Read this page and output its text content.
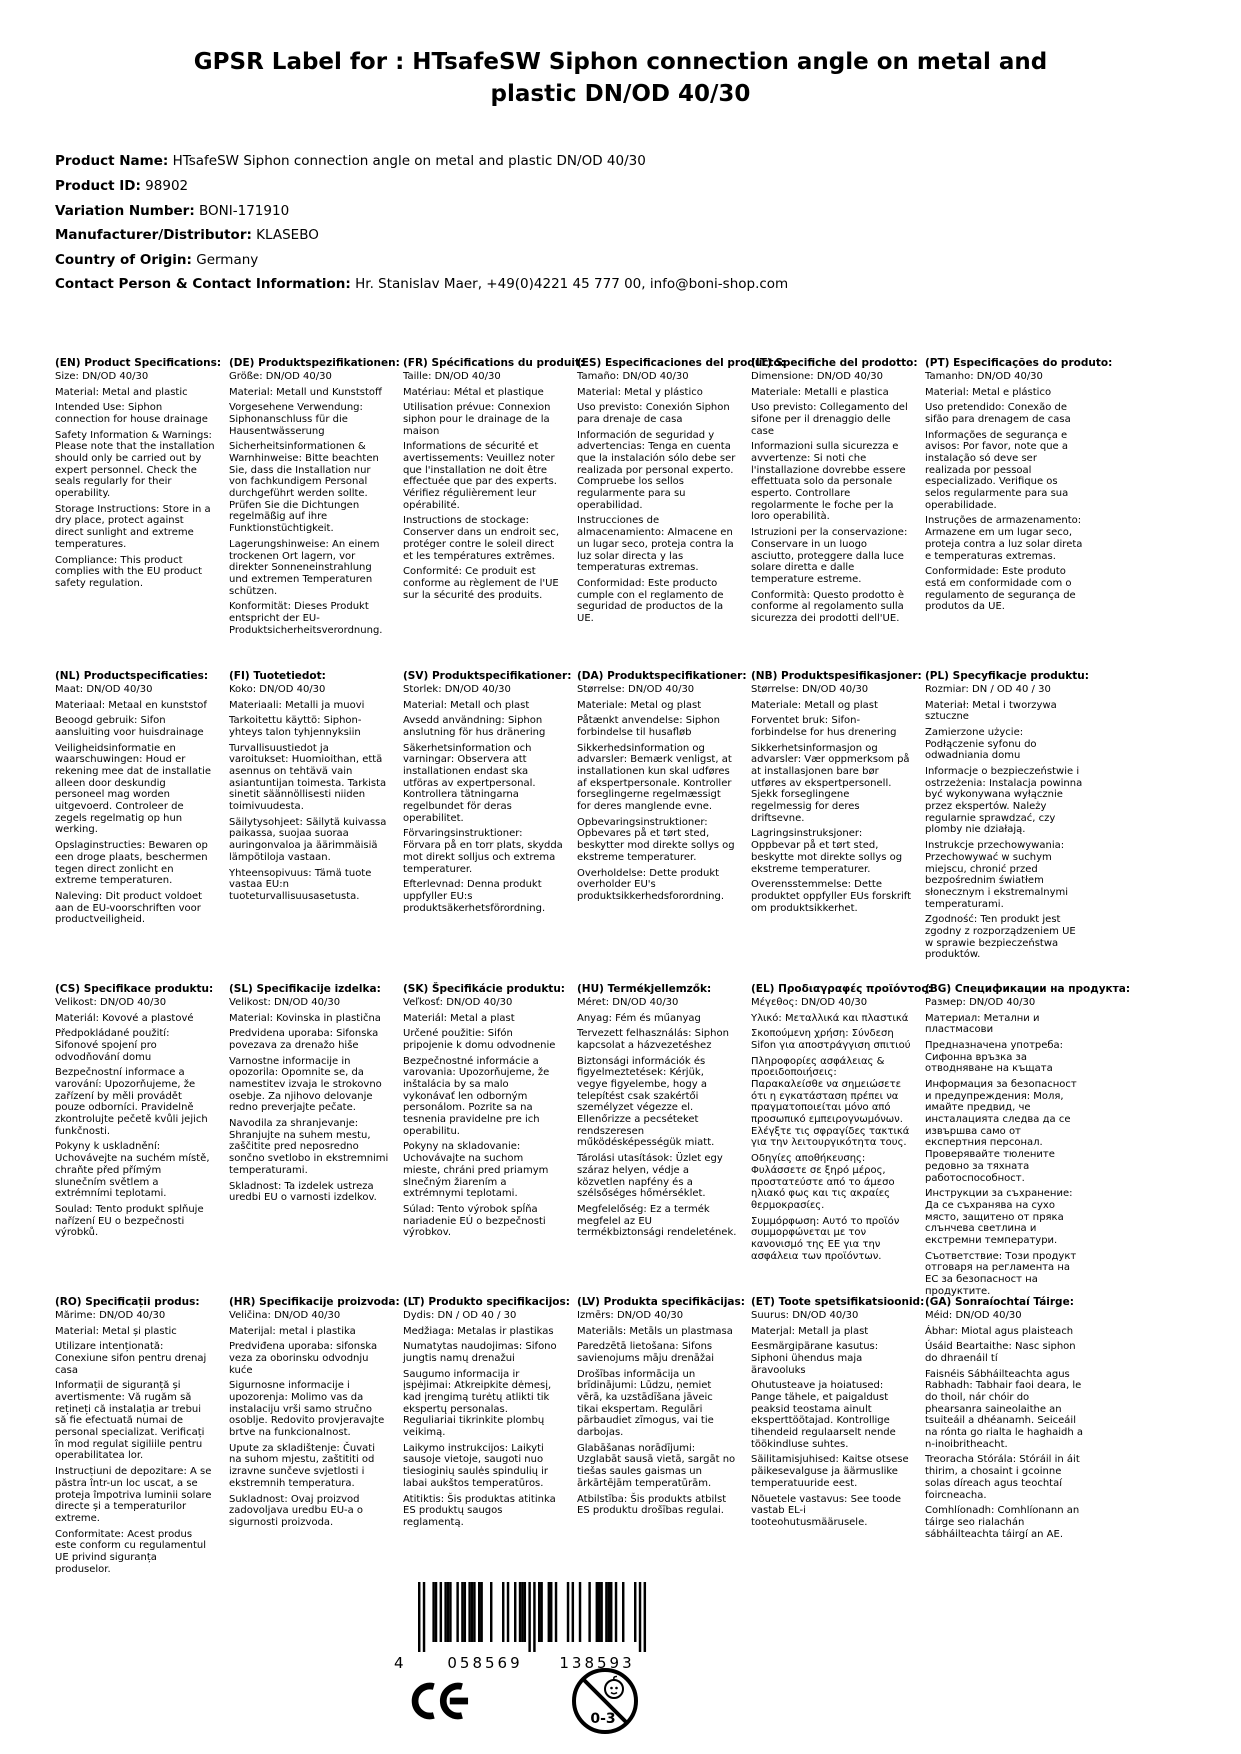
GPSR Label for : HTsafeSW Siphon connection angle on metal and plastic DN/OD 40/30

Product Name: HTsafeSW Siphon connection angle on metal and plastic DN/OD 40/30

Product ID: 98902

Variation Number: BONI-171910

Manufacturer/Distributor: KLASEBO

Country of Origin: Germany

Contact Person & Contact Information: Hr. Stanislav Maer, +49(0)4221 45 777 00, info@boni-shop.com

(EN) Product Specifications:

Size: DN/OD 40/30

Material: Metal and plastic

Intended Use: Siphon connection for house drainage

Safety Information & Warnings: Please note that the installation should only be carried out by expert personnel. Check the seals regularly for their operability.

Storage Instructions: Store in a dry place, protect against direct sunlight and extreme temperatures.

Compliance: This product complies with the EU product safety regulation.

(DE) Produktspezifikationen:

Größe: DN/OD 40/30

Material: Metall und Kunststoff

Vorgesehene Verwendung: Siphonanschluss für die Hausentwässerung

Sicherheitsinformationen & Warnhinweise: Bitte beachten Sie, dass die Installation nur von fachkundigem Personal durchgeführt werden sollte. Prüfen Sie die Dichtungen regelmäßig auf ihre Funktionstüchtigkeit.

Lagerungshinweise: An einem trockenen Ort lagern, vor direkter Sonneneinstrahlung und extremen Temperaturen schützen.

Konformität: Dieses Produkt entspricht der EU-Produktsicherheitsverordnung.

(FR) Spécifications du produit:

Taille: DN/OD 40/30

Matériau: Métal et plastique

Utilisation prévue: Connexion siphon pour le drainage de la maison

Informations de sécurité et avertissements: Veuillez noter que l'installation ne doit être effectuée que par des experts. Vérifiez régulièrement leur opérabilité.

Instructions de stockage: Conserver dans un endroit sec, protéger contre le soleil direct et les températures extrêmes.

Conformité: Ce produit est conforme au règlement de l'UE sur la sécurité des produits.

(ES) Especificaciones del producto:

Tamaño: DN/OD 40/30

Material: Metal y plástico

Uso previsto: Conexión Siphon para drenaje de casa

Información de seguridad y advertencias: Tenga en cuenta que la instalación sólo debe ser realizada por personal experto. Compruebe los sellos regularmente para su operabilidad.

Instrucciones de almacenamiento: Almacene en un lugar seco, proteja contra la luz solar directa y las temperaturas extremas.

Conformidad: Este producto cumple con el reglamento de seguridad de productos de la UE.

(IT) Specifiche del prodotto:

Dimensione: DN/OD 40/30

Materiale: Metalli e plastica

Uso previsto: Collegamento del sifone per il drenaggio delle case

Informazioni sulla sicurezza e avvertenze: Si noti che l'installazione dovrebbe essere effettuata solo da personale esperto. Controllare regolarmente le foche per la loro operabilità.

Istruzioni per la conservazione: Conservare in un luogo asciutto, proteggere dalla luce solare diretta e dalle temperature estreme.

Conformità: Questo prodotto è conforme al regolamento sulla sicurezza dei prodotti dell'UE.

(PT) Especificações do produto:

Tamanho: DN/OD 40/30

Material: Metal e plástico

Uso pretendido: Conexão de sifão para drenagem de casa

Informações de segurança e avisos: Por favor, note que a instalação só deve ser realizada por pessoal especializado. Verifique os selos regularmente para sua operabilidade.

Instruções de armazenamento: Armazene em um lugar seco, proteja contra a luz solar direta e temperaturas extremas.

Conformidade: Este produto está em conformidade com o regulamento de segurança de produtos da UE.

(NL) Productspecificaties:

Maat: DN/OD 40/30

Materiaal: Metaal en kunststof

Beoogd gebruik: Sifon aansluiting voor huisdrainage

Veiligheidsinformatie en waarschuwingen: Houd er rekening mee dat de installatie alleen door deskundig personeel mag worden uitgevoerd. Controleer de zegels regelmatig op hun werking.

Opslaginstructies: Bewaren op een droge plaats, beschermen tegen direct zonlicht en extreme temperaturen.

Naleving: Dit product voldoet aan de EU-voorschriften voor productveiligheid.

(FI) Tuotetiedot:

Koko: DN/OD 40/30

Materiaali: Metalli ja muovi

Tarkoitettu käyttö: Siphon-yhteys talon tyhjennyksiin

Turvallisuustiedot ja varoitukset: Huomioithan, että asennus on tehtävä vain asiantuntijan toimesta. Tarkista sinetit säännöllisesti niiden toimivuudesta.

Säilytysohjeet: Säilytä kuivassa paikassa, suojaa suoraa auringonvaloa ja äärimmäisiä lämpötiloja vastaan.

Yhteensopivuus: Tämä tuote vastaa EU:n tuoteturvallisuusasetusta.

(SV) Produktspecifikationer:

Storlek: DN/OD 40/30

Material: Metall och plast

Avsedd användning: Siphon anslutning för hus dränering

Säkerhetsinformation och varningar: Observera att installationen endast ska utföras av expertpersonal. Kontrollera tätningarna regelbundet för deras operabilitet.

Förvaringsinstruktioner: Förvara på en torr plats, skydda mot direkt solljus och extrema temperaturer.

Efterlevnad: Denna produkt uppfyller EU:s produktsäkerhetsförordning.

(DA) Produktspecifikationer:

Størrelse: DN/OD 40/30

Materiale: Metal og plast

Påtænkt anvendelse: Siphon forbindelse til husafløb

Sikkerhedsinformation og advarsler: Bemærk venligst, at installationen kun skal udføres af ekspertpersonale. Kontroller forseglingerne regelmæssigt for deres manglende evne.

Opbevaringsinstruktioner: Opbevares på et tørt sted, beskytter mod direkte sollys og ekstreme temperaturer.

Overholdelse: Dette produkt overholder EU's produktsikkerhedsforordning.

(NB) Produktspesifikasjoner:

Størrelse: DN/OD 40/30

Materiale: Metall og plast

Forventet bruk: Sifon-forbindelse for hus drenering

Sikkerhetsinformasjon og advarsler: Vær oppmerksom på at installasjonen bare bør utføres av ekspertpersonell. Sjekk forseglingene regelmessig for deres driftsevne.

Lagringsinstruksjoner: Oppbevar på et tørt sted, beskytte mot direkte sollys og ekstreme temperaturer.

Overensstemmelse: Dette produktet oppfyller EUs forskrift om produktsikkerhet.

(PL) Specyfikacje produktu:

Rozmiar: DN / OD 40 / 30

Materiał: Metal i tworzywa sztuczne

Zamierzone użycie: Podłączenie syfonu do odwadniania domu

Informacje o bezpieczeństwie i ostrzeżenia: Instalacja powinna być wykonywana wyłącznie przez ekspertów. Należy regularnie sprawdzać, czy plomby nie działają.

Instrukcje przechowywania: Przechowywać w suchym miejscu, chronić przed bezpośrednim światłem słonecznym i ekstremalnymi temperaturami.

Zgodność: Ten produkt jest zgodny z rozporządzeniem UE w sprawie bezpieczeństwa produktów.

(CS) Specifikace produktu:

Velikost: DN/OD 40/30

Materiál: Kovové a plastové

Předpokládané použití: Sifonové spojení pro odvodňování domu

Bezpečnostní informace a varování: Upozorňujeme, že zařízení by měli provádět pouze odborníci. Pravidelně zkontrolujte pečetě kvůli jejich funkčnosti.

Pokyny k uskladnění: Uchovávejte na suchém místě, chraňte před přímým slunečním světlem a extrémními teplotami.

Soulad: Tento produkt splňuje nařízení EU o bezpečnosti výrobků.

(SL) Specifikacije izdelka:

Velikost: DN/OD 40/30

Material: Kovinska in plastična

Predvidena uporaba: Sifonska povezava za drenažo hiše

Varnostne informacije in opozorila: Opomnite se, da namestitev izvaja le strokovno osebje. Za njihovo delovanje redno preverjajte pečate.

Navodila za shranjevanje: Shranjujte na suhem mestu, zaščitite pred neposredno sončno svetlobo in ekstremnimi temperaturami.

Skladnost: Ta izdelek ustreza uredbi EU o varnosti izdelkov.

(SK) Špecifikácie produktu:

Veľkosť: DN/OD 40/30

Materiál: Metal a plast

Určené použitie: Sifón pripojenie k domu odvodnenie

Bezpečnostné informácie a varovania: Upozorňujeme, že inštalácia by sa malo vykonávať len odborným personálom. Pozrite sa na tesnenia pravidelne pre ich operabilitu.

Pokyny na skladovanie: Uchovávajte na suchom mieste, chráni pred priamym slnečným žiarením a extrémnymi teplotami.

Súlad: Tento výrobok spĺňa nariadenie EÚ o bezpečnosti výrobkov.

(HU) Termékjellemzők:

Méret: DN/OD 40/30

Anyag: Fém és műanyag

Tervezett felhasználás: Siphon kapcsolat a házvezetéshez

Biztonsági információk és figyelmeztetések: Kérjük, vegye figyelembe, hogy a telepítést csak szakértői személyzet végezze el. Ellenőrizze a pecséteket rendszeresen működésképességük miatt.

Tárolási utasítások: Üzlet egy száraz helyen, védje a közvetlen napfény és a szélsőséges hőmérséklet.

Megfelelőség: Ez a termék megfelel az EU termékbiztonsági rendeletének.

(EL) Προδιαγραφές προϊόντος:

Μέγεθος: DN/OD 40/30

Υλικό: Μεταλλικά και πλαστικά

Σκοπούμενη χρήση: Σύνδεση Sifon για αποστράγγιση σπιτιού

Πληροφορίες ασφάλειας & προειδοποιήσεις: Παρακαλείσθε να σημειώσετε ότι η εγκατάσταση πρέπει να πραγματοποιείται μόνο από προσωπικό εμπειρογνωμόνων. Ελέγξτε τις σφραγίδες τακτικά για την λειτουργικότητα τους.

Οδηγίες αποθήκευσης: Φυλάσσετε σε ξηρό μέρος, προστατεύστε από το άμεσο ηλιακό φως και τις ακραίες θερμοκρασίες.

Συμμόρφωση: Αυτό το προϊόν συμμορφώνεται με τον κανονισμό της ΕΕ για την ασφάλεια των προϊόντων.

(BG) Спецификации на продукта:

Размер: DN/OD 40/30

Материал: Метални и пластмасови

Предназначена употреба: Сифонна връзка за отводняване на къщата

Информация за безопасност и предупреждения: Моля, имайте предвид, че инсталацията следва да се извършва само от експертния персонал. Проверявайте тюлените редовно за тяхната работоспособност.

Инструкции за съхранение: Да се съхранява на сухо място, защитено от пряка слънчева светлина и екстремни температури.

Съответствие: Този продукт отговаря на регламента на ЕС за безопасност на продуктите.

(RO) Specificații produs:

Mărime: DN/OD 40/30

Material: Metal și plastic

Utilizare intenționată: Conexiune sifon pentru drenaj casa

Informații de siguranță și avertismente: Vă rugăm să rețineți că instalația ar trebui să fie efectuată numai de personal specializat. Verificați în mod regulat sigiliile pentru operabilitatea lor.

Instrucțiuni de depozitare: A se păstra într-un loc uscat, a se proteja împotriva luminii solare directe și a temperaturilor extreme.

Conformitate: Acest produs este conform cu regulamentul UE privind siguranța produselor.

(HR) Specifikacije proizvoda:

Veličina: DN/OD 40/30

Materijal: metal i plastika

Predviđena uporaba: sifonska veza za oborinsku odvodnju kuće

Sigurnosne informacije i upozorenja: Molimo vas da instalaciju vrši samo stručno osoblje. Redovito provjeravajte brtve na funkcionalnost.

Upute za skladištenje: Čuvati na suhom mjestu, zaštititi od izravne sunčeve svjetlosti i ekstremnih temperatura.

Sukladnost: Ovaj proizvod zadovoljava uredbu EU-a o sigurnosti proizvoda.

(LT) Produkto specifikacijos:

Dydis: DN / OD 40 / 30

Medžiaga: Metalas ir plastikas

Numatytas naudojimas: Sifono jungtis namų drenažui

Saugumo informacija ir įspėjimai: Atkreipkite dėmesį, kad įrengimą turėtų atlikti tik ekspertų personalas. Reguliariai tikrinkite plombų veikimą.

Laikymo instrukcijos: Laikyti sausoje vietoje, saugoti nuo tiesioginių saulės spindulių ir labai aukštos temperatūros.

Atitiktis: Šis produktas atitinka ES produktų saugos reglamentą.

(LV) Produkta specifikācijas:

Izmērs: DN/OD 40/30

Materiāls: Metāls un plastmasa

Paredzētā lietošana: Sifons savienojums māju drenāžai

Drošības informācija un brīdinājumi: Lūdzu, ņemiet vērā, ka uzstādīšana jāveic tikai ekspertam. Regulāri pārbaudiet zīmogus, vai tie darbojas.

Glabāšanas norādījumi: Uzglabāt sausā vietā, sargāt no tiešas saules gaismas un ārkārtējām temperatūrām.

Atbilstība: Šis produkts atbilst ES produktu drošības regulai.

(ET) Toote spetsifikatsioonid:

Suurus: DN/OD 40/30

Materjal: Metall ja plast

Eesmärgipärane kasutus: Siphoni ühendus maja äravooluks

Ohutusteave ja hoiatused: Pange tähele, et paigaldust peaksid teostama ainult eksperttöötajad. Kontrollige tihendeid regulaarselt nende töökindluse suhtes.

Säilitamisjuhised: Kaitse otsese päikesevalguse ja äärmuslike temperatuuride eest.

Nõuetele vastavus: See toode vastab EL-i tooteohutusmäärusele.

(GA) Sonraíochtaí Táirge:

Méid: DN/OD 40/30

Ábhar: Miotal agus plaisteach

Úsáid Beartaithe: Nasc siphon do dhraenáil tí

Faisnéis Sábháilteachta agus Rabhadh: Tabhair faoi deara, le do thoil, nár chóir do phearsanra saineolaithe an tsuiteáil a dhéanamh. Seiceáil na rónta go rialta le haghaidh a n-inoibritheacht.

Treoracha Stórála: Stóráil in áit thirim, a chosaint i gcoinne solas díreach agus teochtaí foircneacha.

Comhlíonadh: Comhlíonann an táirge seo rialachán sábháilteachta táirgí an AE.

4	058569	138593
0-3
